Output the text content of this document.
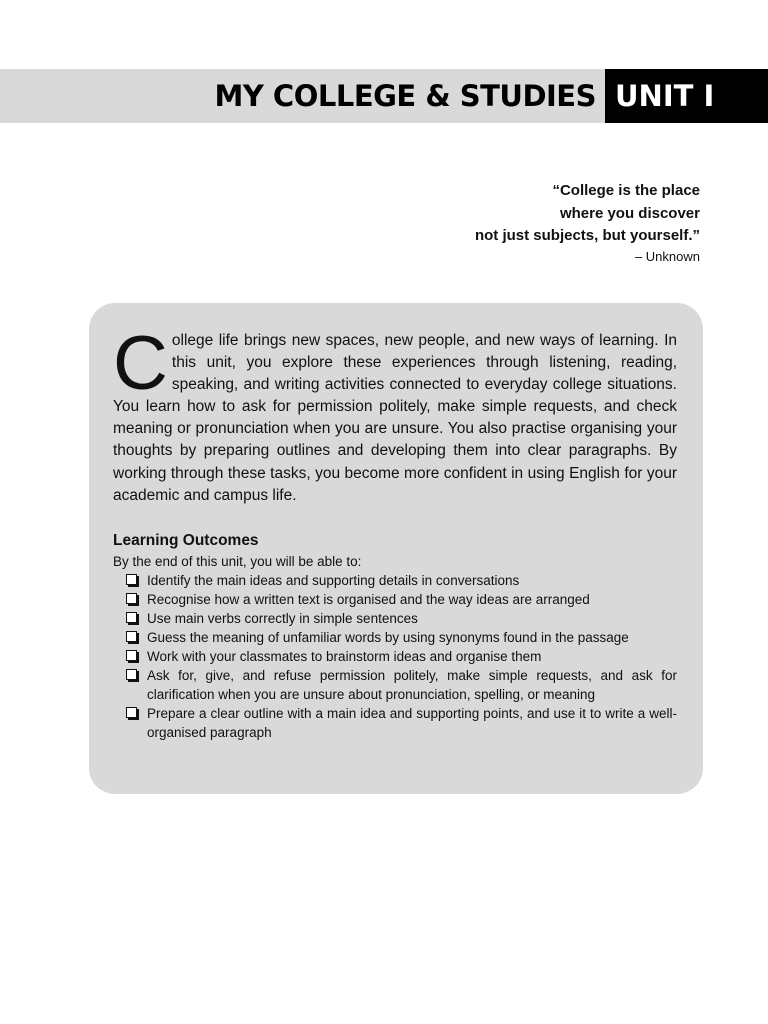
MY COLLEGE & STUDIES UNIT I
“College is the place
where you discover
not just subjects, but yourself.”
– Unknown

College life brings new spaces, new people, and new ways of learning. In this unit, you explore these experiences through listening, reading, speaking, and writing activities connected to everyday college situations. You learn how to ask for permission politely, make simple requests, and check meaning or pronunciation when you are unsure. You also practise organising your thoughts by preparing outlines and developing them into clear paragraphs. By working through these tasks, you become more confident in using English for your academic and campus life.

Learning Outcomes
By the end of this unit, you will be able to:
Identify the main ideas and supporting details in conversations
Recognise how a written text is organised and the way ideas are arranged
Use main verbs correctly in simple sentences
Guess the meaning of unfamiliar words by using synonyms found in the passage
Work with your classmates to brainstorm ideas and organise them
Ask for, give, and refuse permission politely, make simple requests, and ask for clarification when you are unsure about pronunciation, spelling, or meaning
Prepare a clear outline with a main idea and supporting points, and use it to write a well-organised paragraph
